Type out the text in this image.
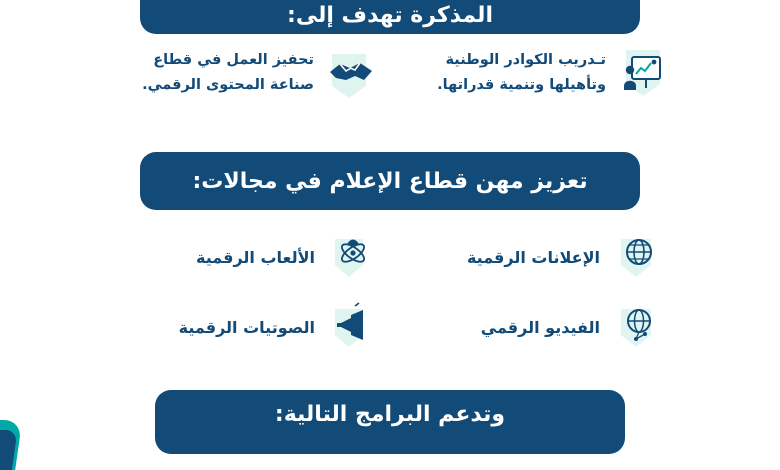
المذكرة تهدف إلى:
تـدريب الكوادر الوطنية وتأهيلها وتنمية قدراتها.
تحفيز العمل في قطاع صناعة المحتوى الرقمي.
تعزيز مهن قطاع الإعلام في مجالات:
الإعلانات الرقمية
الألعاب الرقمية
الفيديو الرقمي
الصوتيات الرقمية
وتدعم البرامج التالية:
